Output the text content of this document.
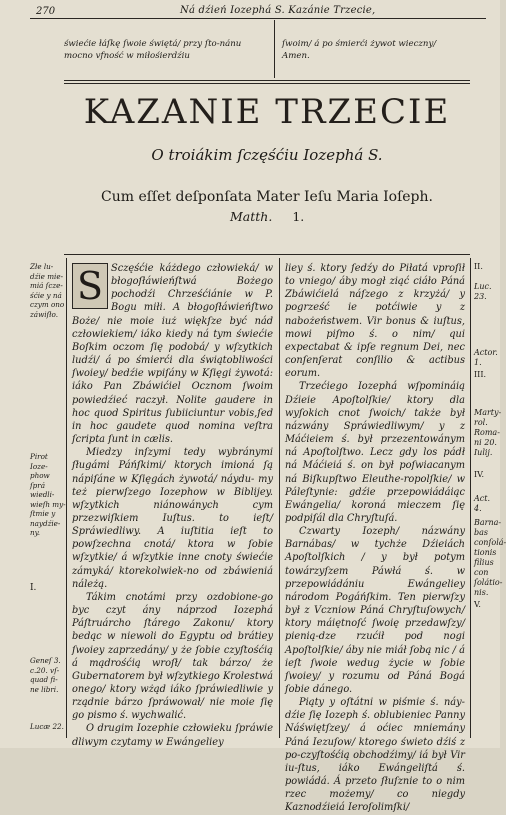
270	Ná dźień Iozephá S. Kazánie Trzecie,
świećie łáſkę ſwoie świętá/ przy ſto-nánu mocno vfność w miłośierdźiu
ſwoim/ á po śmierći żywot wieczny/ Amen.
KAZANIE TRZECIE
O troiákim ſczęśćiu Iozephá S.
Cum eſſet deſponſata Mater Ieſu Maria Ioſeph.
Matth. 1.
Złe lu-dźie mie-miá ſcze-śćie y ná czym ono záwiſło.
Pirot Ioze-phow ſprá wiedli-wieſh my-ſtmie y naydźie-ny.
I.
Geneſ 3. c.20. vſ-quad fi-ne libri.
Lucæ 22.

S Sczęśćie káżdego człowieká/ w błogoſłáwieńſtwá Bożego pochodźi Chrześćiánie w P. Bogu miłi. A błogoſłáwieńſtwo Boże/ nie moie iuż więkſze być nád człowiekiem/ iáko kiedy ná tym świećie Boſkim oczom ſię podobá/ y wſzytkich ludźi/ á po śmierći dla świątobliwości ſwoiey/ bedźie wpiſány w Kſięgi żywotá: iáko Pan Zbáwićiel Ocznom ſwoim powiedźieć raczył. Nolite gaudere in hoc quod Spiritus ſubiiciuntur vobis,ſed in hoc gaudete quod nomina veſtra ſcripta ſunt in cælis.

Miedzy inſzymi tedy wybránymi ſługámi Páńſkimi/ ktorych imioná ſą nápiſáne w Kſięgách żywotá/ náydu- my też pierwſzego Iozephow w Biblijey. wſzytkich niánowánych cym przezwiſkiem Iuſtus. to ieſt/ Spráwiedliwy. A iuſtitia ieſt to powſzechna cnotá/ ktora w ſobie wſzytkie/ á wſzytkie inne cnoty świećie zámyká/ ktorekolwiek-no od zbáwieniá náleżą.

Tákim cnotámi przy ozdobione-go byc czyt ány náprzod Iozephá Páſtruárcho ſtárego Zakonu/ ktory bedąc w niewoli do Egyptu od brátiey ſwoiey zaprzedány/ y że ſobie czyſtośćią á mądrośćią wroſł/ tak bárzo/ że Gubernatorem był wſzytkiego Krolestwá onego/ ktory wżąd iáko ſpráwiedliwie y rządnie bárzo ſpráwował/ nie moie ſię go pismo ś. wychwalić.

O drugim Iozephie człowieku ſpráwie dliwym czytamy w Ewángeliey

liey ś. ktory ſedźy do Piłatá vproſił to vniego/ áby mogł ziąć ciáło Páná Zbáwićielá náſzego z krzyżá/ y pogrześć ie potćiwie y z nabożeństwem. Vir bonus & iuſtus, mowi piſmo ś. o nim/ qui expectabat & ipſe regnum Dei, nec conſenſerat conſilio & actibus eorum.

Trzećiego Iozephá wſpomináią Dźieie Apoſtolſkie/ ktory dla wyſokich cnot ſwoich/ także był názwány Spráwiedliwym/ y z Máćieiem ś. był przezentowánym ná Apoſtolſtwo. Lecz gdy los pádł ná Máćieiá ś. on był poſwiacanym ná Biſkupſtwo Eleuthe-ropolſkie/ w Páleſtynie: gdźie przepowiádáiąc Ewángelia/ koroná mieczem ſię podpiſál dla Chryſtuſá.

Czwarty Iozeph/ názwány Barnábas/ w tychże Dźieiách Apoſtolſkich / y był potym towárzyſzem Páwłá ś. w przepowiádániu Ewángeliey národom Pogáńſkim. Ten pierwſzy był z Vczniow Páná Chryſtuſowych/ ktory máiętnoſć ſwoię przedawſzy/ pienią-dze rzućił pod nogi Apoſtolſkie/ áby nie miáł ſobą nic / á ieſt ſwoie wedug życie w ſobie ſwoiey/ y rozumu od Páná Bogá ſobie dánego.

Piąty y oſtátni w piśmie ś. náy-dźie ſię Iozeph ś. oblubieniec Panny Náświętſzey/ á oćiec mniemány Páná Iezuſow/ ktorego świeto dźiś z po-czyſtośćią obchodźimy/ iá był Vir iu-ſtus, iáko Ewángeliſtá ś. powiádá. Á przeto ſłuſznie to o nim rzec możemy/ co niegdy Kaznodźieiá Ieroſolimſki/

II.
Luc. 23.
Actor. 1.
III.
Marty-rol. Roma-ni 20. Iulij.
IV.
Act. 4.
Barna-bas conſolá-tionis filius con ſolátio-nis.
V.
